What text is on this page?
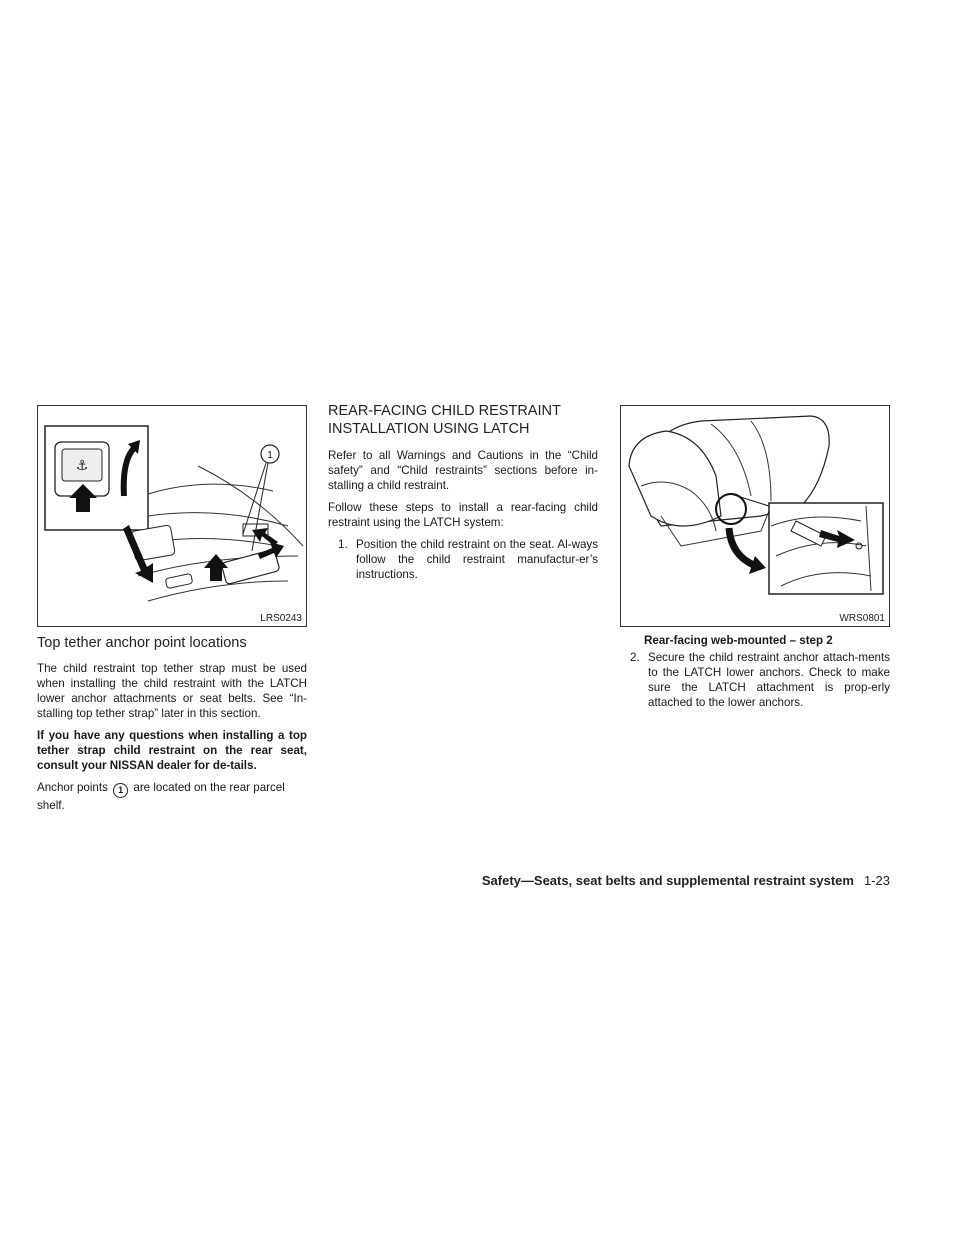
⚓
1
LRS0243
Top tether anchor point locations

The child restraint top tether strap must be used when installing the child restraint with the LATCH lower anchor attachments or seat belts. See “In-stalling top tether strap” later in this section.

If you have any questions when installing a top tether strap child restraint on the rear seat, consult your NISSAN dealer for de-tails.

Anchor points 1 are located on the rear parcel shelf.

REAR-FACING CHILD RESTRAINT
INSTALLATION USING LATCH

Refer to all Warnings and Cautions in the “Child safety” and “Child restraints” sections before in-stalling a child restraint.

Follow these steps to install a rear-facing child restraint using the LATCH system:

1. Position the child restraint on the seat. Al-ways follow the child restraint manufactur-er’s instructions.
WRS0801
Rear-facing web-mounted – step 2
2. Secure the child restraint anchor attach-ments to the LATCH lower anchors. Check to make sure the LATCH attachment is prop-erly attached to the lower anchors.
Safety—Seats, seat belts and supplemental restraint system 1-23
